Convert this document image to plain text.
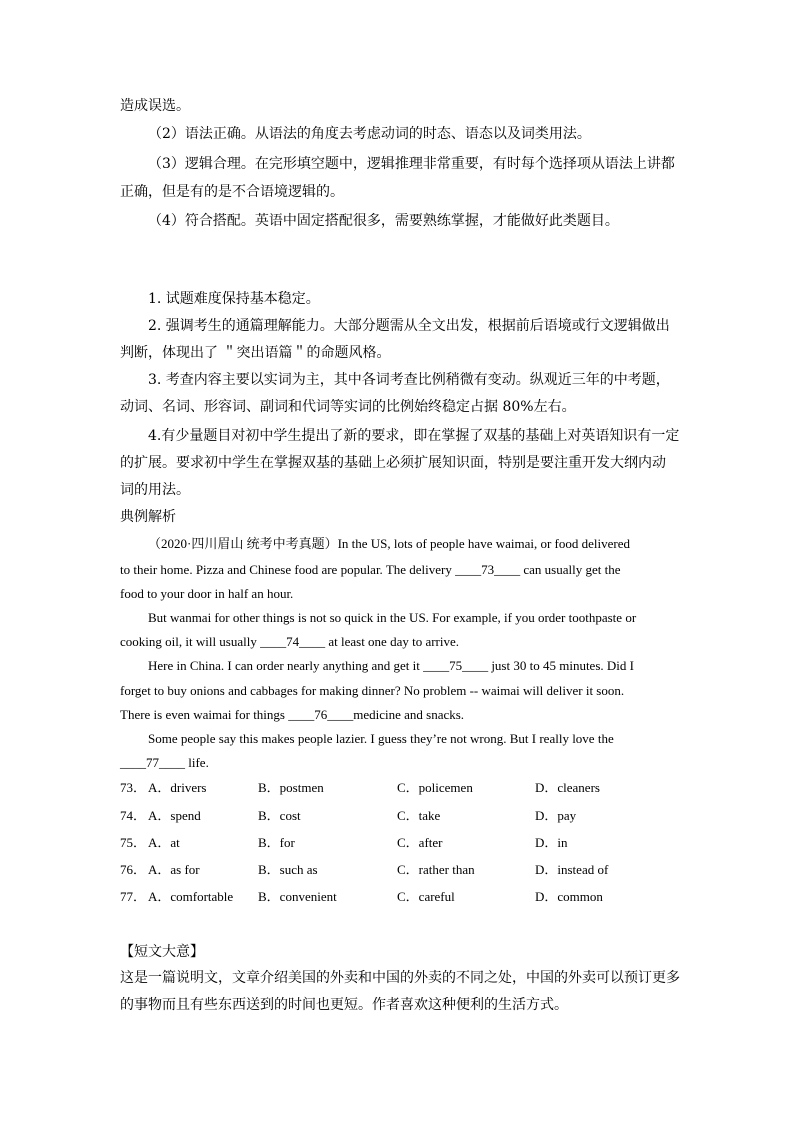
造成误选。
（2）语法正确。从语法的角度去考虑动词的时态、语态以及词类用法。
（3）逻辑合理。在完形填空题中，逻辑推理非常重要，有时每个选择项从语法上讲都
正确，但是有的是不合语境逻辑的。
（4）符合搭配。英语中固定搭配很多，需要熟练掌握，才能做好此类题目。
1. 试题难度保持基本稳定。
2. 强调考生的通篇理解能力。大部分题需从全文出发，根据前后语境或行文逻辑做出
判断，体现出了 ＂突出语篇＂的命题风格。
3. 考查内容主要以实词为主，其中各词考查比例稍微有变动。纵观近三年的中考题，
动词、名词、形容词、副词和代词等实词的比例始终稳定占据 80%左右。
4.有少量题目对初中学生提出了新的要求，即在掌握了双基的基础上对英语知识有一定
的扩展。要求初中学生在掌握双基的基础上必须扩展知识面，特别是要注重开发大纲内动
词的用法。
典例解析
（2020·四川眉山 统考中考真题）In the US, lots of people have waimai, or food delivered
to their home. Pizza and Chinese food are popular. The delivery ____73____ can usually get the
food to your door in half an hour.
But wanmai for other things is not so quick in the US. For example, if you order toothpaste or
cooking oil, it will usually ____74____ at least one day to arrive.
Here in China. I can order nearly anything and get it ____75____ just 30 to 45 minutes. Did I
forget to buy onions and cabbages for making dinner? No problem -- waimai will deliver it soon.
There is even waimai for things ____76____medicine and snacks.
Some people say this makes people lazier. I guess they’re not wrong. But I really love the
____77____ life.
73． A．drivers	B．postmen	C．policemen	D．cleaners
74． A．spend	B．cost	C．take	D．pay
75． A．at	B．for	C．after	D．in
76． A．as for	B．such as	C．rather than	D．instead of
77． A．comfortable B．convenient	C．careful	D．common
【短文大意】
这是一篇说明文，文章介绍美国的外卖和中国的外卖的不同之处，中国的外卖可以预订更多
的事物而且有些东西送到的时间也更短。作者喜欢这种便利的生活方式。
